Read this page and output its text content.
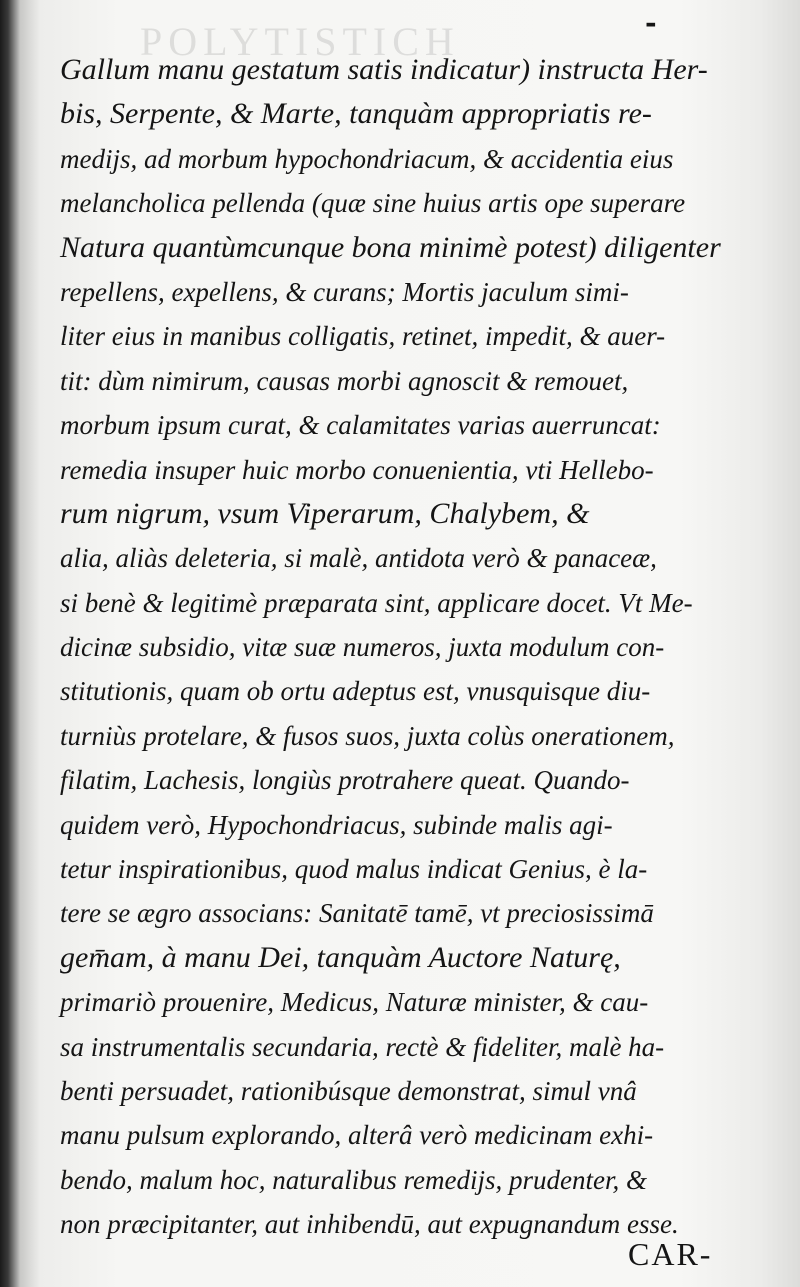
POLYTISTICH	-
Gallum manu gestatum satis indicatur) instructa Her-
bis, Serpente, & Marte, tanquàm appropriatis re-
medijs, ad morbum hypochondriacum, & accidentia eius
melancholica pellenda (quæ sine huius artis ope superare
Natura quantùmcunque bona minimè potest) diligenter
repellens, expellens, & curans; Mortis jaculum simi-
liter eius in manibus colligatis, retinet, impedit, & auer-
tit: dùm nimirum, causas morbi agnoscit & remouet,
morbum ipsum curat, & calamitates varias auerruncat:
remedia insuper huic morbo conuenientia, vti Hellebo-
rum nigrum, vsum Viperarum, Chalybem, &
alia, aliàs deleteria, si malè, antidota verò & panaceæ,
si benè & legitimè præparata sint, applicare docet. Vt Me-
dicinæ subsidio, vitæ suæ numeros, juxta modulum con-
stitutionis, quam ob ortu adeptus est, vnusquisque diu-
turniùs protelare, & fusos suos, juxta colùs onerationem,
filatim, Lachesis, longiùs protrahere queat. Quando-
quidem verò, Hypochondriacus, subinde malis agi-
tetur inspirationibus, quod malus indicat Genius, è la-
tere se ægro associans: Sanitatē tamē, vt preciosissimā
gem̄am, à manu Dei, tanquàm Auctore Naturę,
primariò prouenire, Medicus, Naturæ minister, & cau-
sa instrumentalis secundaria, rectè & fideliter, malè ha-
benti persuadet, rationibúsque demonstrat, simul vnâ
manu pulsum explorando, alterâ verò medicinam exhi-
bendo, malum hoc, naturalibus remedijs, prudenter, &
non præcipitanter, aut inhibendū, aut expugnandum esse.
CAR-
